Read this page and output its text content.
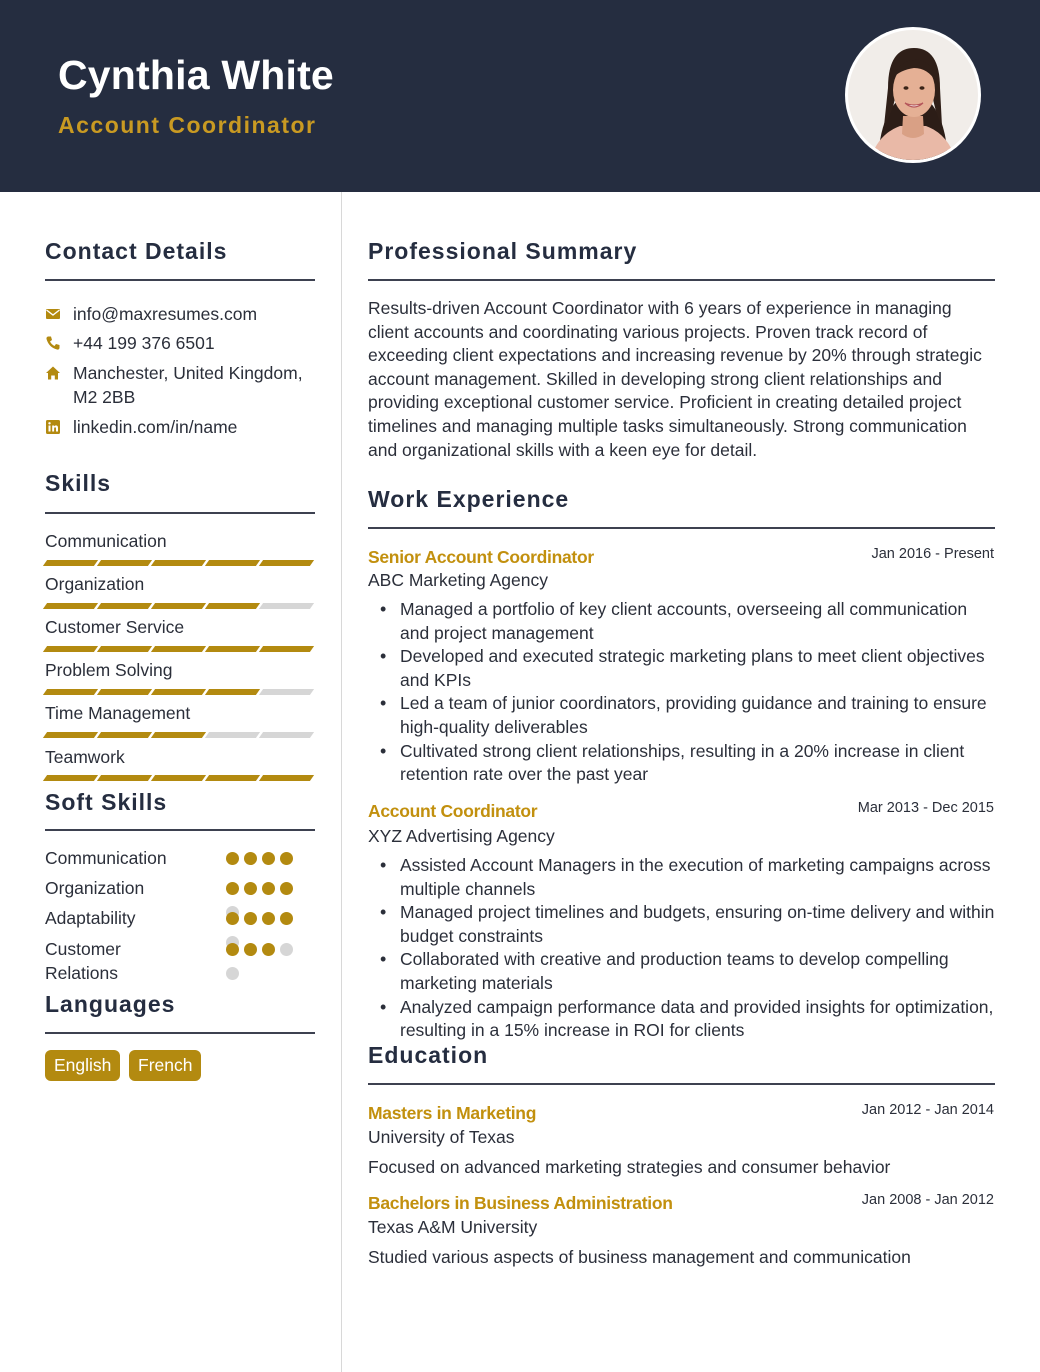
Cynthia White
Account Coordinator
Contact Details
info@maxresumes.com
+44 199 376 6501
Manchester, United Kingdom, M2 2BB
linkedin.com/in/name
Skills
Communication
Organization
Customer Service
Problem Solving
Time Management
Teamwork
Soft Skills
Communication
Organization
Adaptability
Customer Relations
Languages
English	French
Professional Summary
Results-driven Account Coordinator with 6 years of experience in managing client accounts and coordinating various projects. Proven track record of exceeding client expectations and increasing revenue by 20% through strategic account management. Skilled in developing strong client relationships and providing exceptional customer service. Proficient in creating detailed project timelines and managing multiple tasks simultaneously. Strong communication and organizational skills with a keen eye for detail.
Work Experience
Senior Account Coordinator	Jan 2016 - Present
ABC Marketing Agency
• Managed a portfolio of key client accounts, overseeing all communication and project management
• Developed and executed strategic marketing plans to meet client objectives and KPIs
• Led a team of junior coordinators, providing guidance and training to ensure high-quality deliverables
• Cultivated strong client relationships, resulting in a 20% increase in client retention rate over the past year
Account Coordinator	Mar 2013 - Dec 2015
XYZ Advertising Agency
• Assisted Account Managers in the execution of marketing campaigns across multiple channels
• Managed project timelines and budgets, ensuring on-time delivery and within budget constraints
• Collaborated with creative and production teams to develop compelling marketing materials
• Analyzed campaign performance data and provided insights for optimization, resulting in a 15% increase in ROI for clients
Education
Masters in Marketing	Jan 2012 - Jan 2014
University of Texas
Focused on advanced marketing strategies and consumer behavior
Bachelors in Business Administration	Jan 2008 - Jan 2012
Texas A&M University
Studied various aspects of business management and communication
